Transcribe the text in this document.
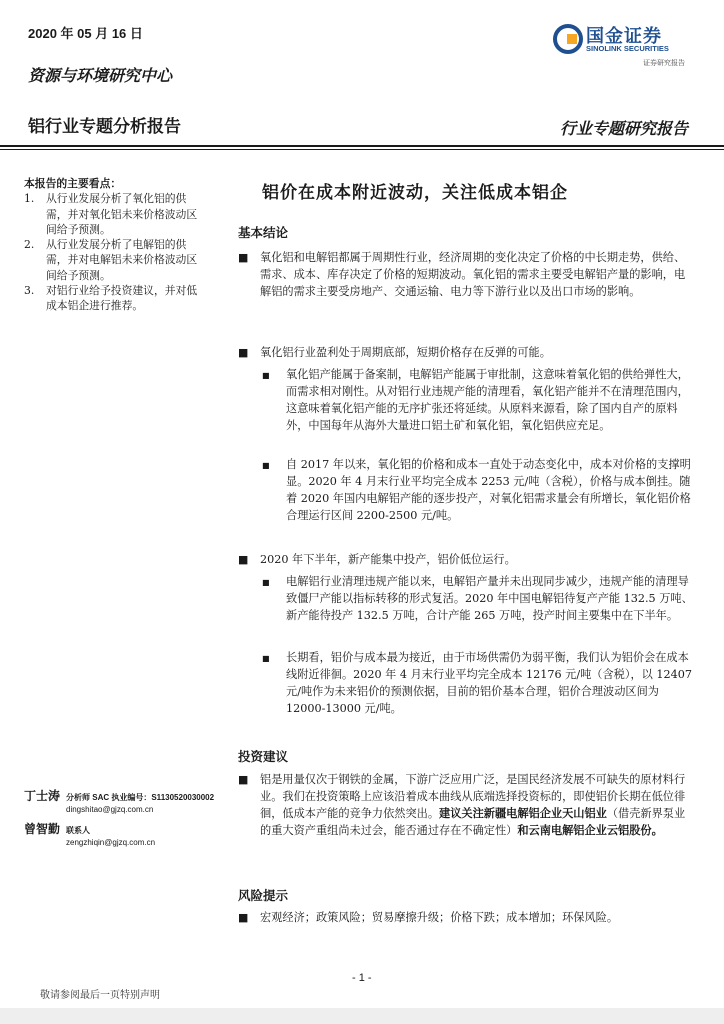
2020 年 05 月 16 日
资源与环境研究中心
国金证券
SINOLINK SECURITIES
证券研究报告
铝行业专题分析报告	行业专题研究报告
本报告的主要看点：
1.	从行业发展分析了氧化铝的供需，并对氧化铝未来价格波动区间给予预测。
2.	从行业发展分析了电解铝的供需，并对电解铝未来价格波动区间给予预测。
3.	对铝行业给予投资建议，并对低成本铝企进行推荐。
铝价在成本附近波动，关注低成本铝企
基本结论
■	氧化铝和电解铝都属于周期性行业，经济周期的变化决定了价格的中长期走势，供给、需求、成本、库存决定了价格的短期波动。氧化铝的需求主要受电解铝产量的影响，电解铝的需求主要受房地产、交通运输、电力等下游行业以及出口市场的影响。
■	氧化铝行业盈利处于周期底部，短期价格存在反弹的可能。
■	氧化铝产能属于备案制，电解铝产能属于审批制，这意味着氧化铝的供给弹性大，而需求相对刚性。从对铝行业违规产能的清理看，氧化铝产能并不在清理范围内，这意味着氧化铝产能的无序扩张还将延续。从原料来源看，除了国内自产的原料外，中国每年从海外大量进口铝土矿和氧化铝，氧化铝供应充足。
■	自 2017 年以来，氧化铝的价格和成本一直处于动态变化中，成本对价格的支撑明显。2020 年 4 月末行业平均完全成本 2253 元/吨（含税），价格与成本倒挂。随着 2020 年国内电解铝产能的逐步投产，对氧化铝需求量会有所增长，氧化铝价格合理运行区间 2200-2500 元/吨。
■	2020 年下半年，新产能集中投产，铝价低位运行。
■	电解铝行业清理违规产能以来，电解铝产量并未出现同步减少，违规产能的清理导致僵尸产能以指标转移的形式复活。2020 年中国电解铝待复产产能 132.5 万吨、新产能待投产 132.5 万吨，合计产能 265 万吨，投产时间主要集中在下半年。
■	长期看，铝价与成本最为接近，由于市场供需仍为弱平衡，我们认为铝价会在成本线附近徘徊。2020 年 4 月末行业平均完全成本 12176 元/吨（含税），以 12407 元/吨作为未来铝价的预测依据，目前的铝价基本合理，铝价合理波动区间为 12000-13000 元/吨。
投资建议
■	铝是用量仅次于钢铁的金属，下游广泛应用广泛，是国民经济发展不可缺失的原材料行业。我们在投资策略上应该沿着成本曲线从底端选择投资标的，即使铝价长期在低位徘徊，低成本产能的竞争力依然突出。建议关注新疆电解铝企业天山铝业（借壳新界泵业的重大资产重组尚未过会，能否通过存在不确定性）和云南电解铝企业云铝股份。
丁士涛 分析师 SAC 执业编号：S1130520030002
dingshitao@gjzq.com.cn
曾智勤 联系人
zengzhiqin@gjzq.com.cn
风险提示
■	宏观经济；政策风险；贸易摩擦升级；价格下跌；成本增加；环保风险。
- 1 -
敬请参阅最后一页特别声明
